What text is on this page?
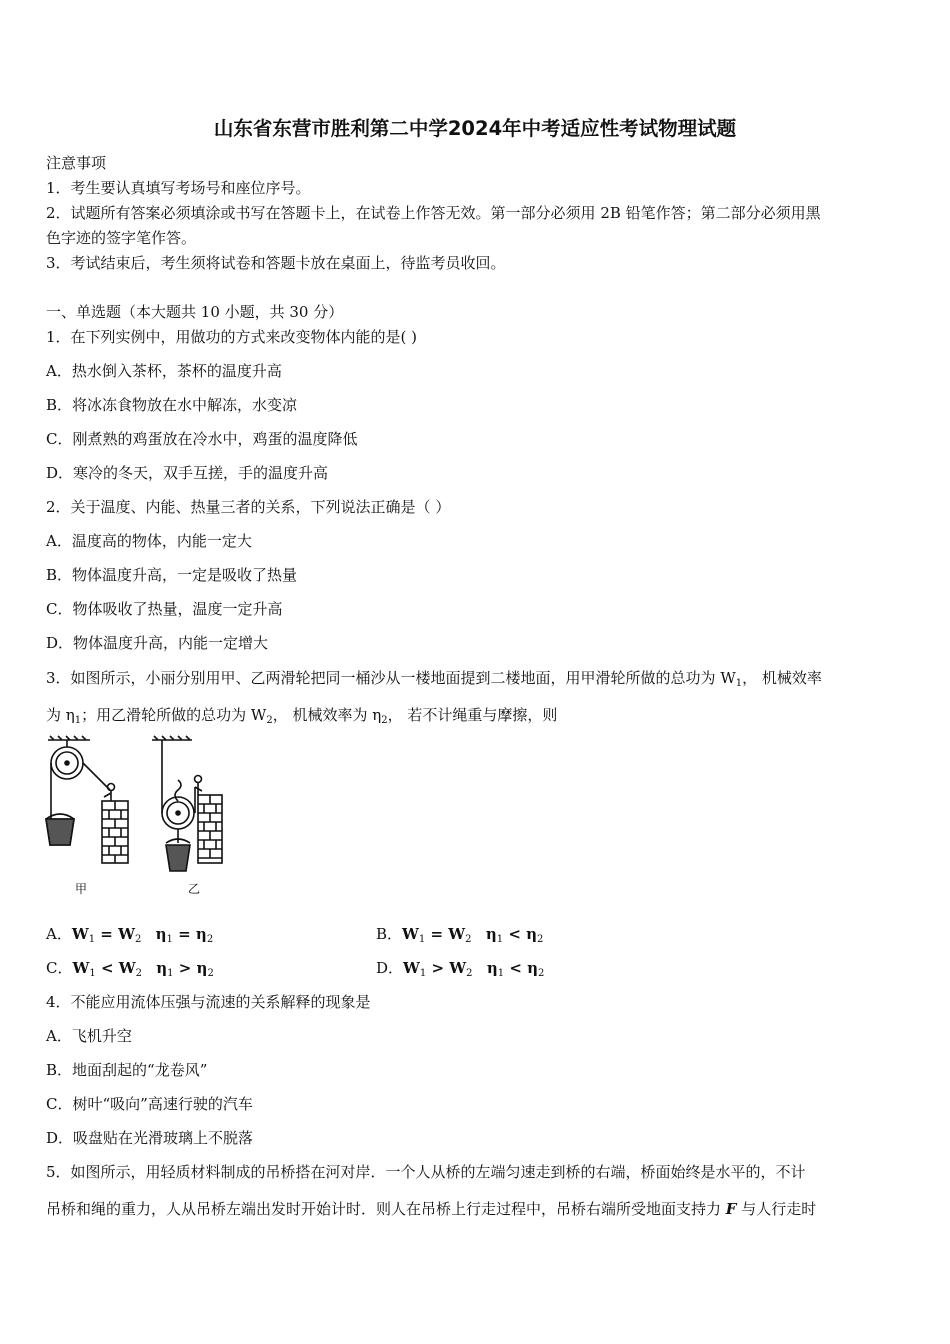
山东省东营市胜利第二中学2024年中考适应性考试物理试题
注意事项
1．考生要认真填写考场号和座位序号。
2．试题所有答案必须填涂或书写在答题卡上，在试卷上作答无效。第一部分必须用 2B 铅笔作答；第二部分必须用黑
色字迹的签字笔作答。
3．考试结束后，考生须将试卷和答题卡放在桌面上，待监考员收回。
一、单选题（本大题共 10 小题，共 30 分）
1．在下列实例中，用做功的方式来改变物体内能的是( )
A．热水倒入茶杯，茶杯的温度升高
B．将冰冻食物放在水中解冻，水变凉
C．刚煮熟的鸡蛋放在冷水中，鸡蛋的温度降低
D．寒冷的冬天，双手互搓，手的温度升高
2．关于温度、内能、热量三者的关系，下列说法正确是（ ）
A．温度高的物体，内能一定大
B．物体温度升高，一定是吸收了热量
C．物体吸收了热量，温度一定升高
D．物体温度升高，内能一定增大
3．如图所示，小丽分别用甲、乙两滑轮把同一桶沙从一楼地面提到二楼地面，用甲滑轮所做的总功为 $W_1$， 机械效率
为 $\eta_1$；用乙滑轮所做的总功为 $W_2$， 机械效率为 $\eta_2$， 若不计绳重与摩擦，则
甲	乙
A．$W_1 = W_2$ $\eta_1 = \eta_2$	B．$W_1 = W_2$ $\eta_1 < \eta_2$
C．$W_1 < W_2$ $\eta_1 > \eta_2$	D．$W_1 > W_2$ $\eta_1 < \eta_2$
4．不能应用流体压强与流速的关系解释的现象是
A．飞机升空
B．地面刮起的“龙卷风”
C．树叶“吸向”高速行驶的汽车
D．吸盘贴在光滑玻璃上不脱落
5．如图所示，用轻质材料制成的吊桥搭在河对岸．一个人从桥的左端匀速走到桥的右端，桥面始终是水平的，不计
吊桥和绳的重力，人从吊桥左端出发时开始计时．则人在吊桥上行走过程中，吊桥右端所受地面支持力 F 与人行走时
